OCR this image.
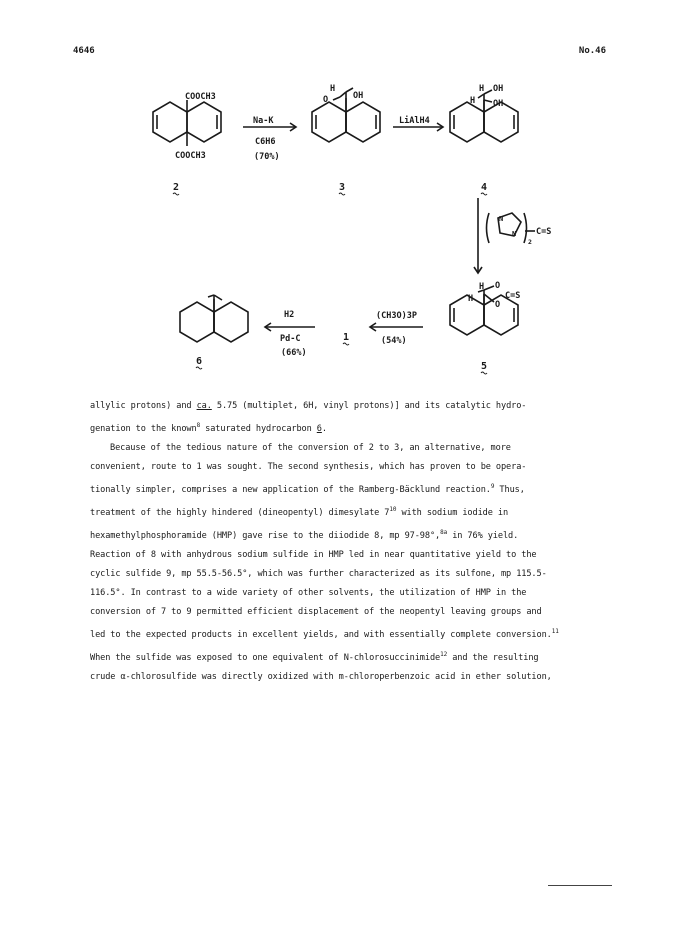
4646	No.46
COOCH3
COOCH3
Na-K
C6H6
(70%)
H
O	OH
LiAlH4
H OH
H OH
N
N C=S
2
H
H
O
O
C=S
(CH3O)3P
(54%)
H2
Pd-C
(66%)
2	3	4
5
6
1

allylic protons) and ca. 5.75 (multiplet, 6H, vinyl protons)] and its catalytic hydro-

genation to the known$^8$ saturated hydrocarbon 6.

Because of the tedious nature of the conversion of 2 to 3, an alternative, more

convenient, route to 1 was sought. The second synthesis, which has proven to be opera-

tionally simpler, comprises a new application of the Ramberg-Bäcklund reaction.$^9$ Thus,

treatment of the highly hindered (dineopentyl) dimesylate $7^{10}$ with sodium iodide in

hexamethylphosphoramide (HMP) gave rise to the diiodide 8, mp 97-98°,$^{8a}$ in 76% yield.

Reaction of 8 with anhydrous sodium sulfide in HMP led in near quantitative yield to the

cyclic sulfide 9, mp 55.5-56.5°, which was further characterized as its sulfone, mp 115.5-

116.5°. In contrast to a wide variety of other solvents, the utilization of HMP in the

conversion of 7 to 9 permitted efficient displacement of the neopentyl leaving groups and

led to the expected products in excellent yields, and with essentially complete conversion.$^{11}$

When the sulfide was exposed to one equivalent of N-chlorosuccinimide$^{12}$ and the resulting

crude α-chlorosulfide was directly oxidized with m-chloroperbenzoic acid in ether solution,
